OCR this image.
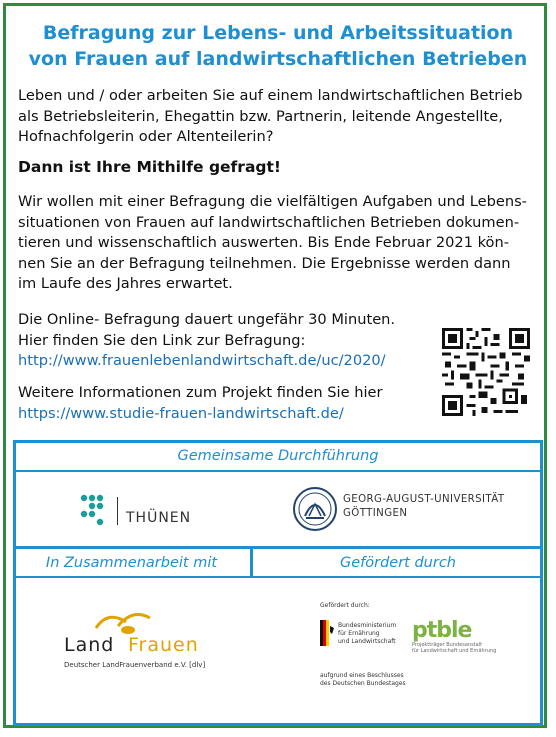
Befragung zur Lebens- und Arbeitssituation
von Frauen auf landwirtschaftlichen Betrieben
Leben und / oder arbeiten Sie auf einem landwirtschaftlichen Betrieb
als Betriebsleiterin, Ehegattin bzw. Partnerin, leitende Angestellte,
Hofnachfolgerin oder Altenteilerin?
Dann ist Ihre Mithilfe gefragt!
Wir wollen mit einer Befragung die vielfältigen Aufgaben und Lebens-
situationen von Frauen auf landwirtschaftlichen Betrieben dokumen-
tieren und wissenschaftlich auswerten. Bis Ende Februar 2021 kön-
nen Sie an der Befragung teilnehmen. Die Ergebnisse werden dann
im Laufe des Jahres erwartet.
Die Online- Befragung dauert ungefähr 30 Minuten.
Hier finden Sie den Link zur Befragung:
http://www.frauenlebenlandwirtschaft.de/uc/2020/
Weitere Informationen zum Projekt finden Sie hier
https://www.studie-frauen-landwirtschaft.de/
Gemeinsame Durchführung
In Zusammenarbeit mit	Gefördert durch
THÜNEN
GEORG-AUGUST-UNIVERSITÄT
GÖTTINGEN
Land Frauen
Deutscher LandFrauenverband e.V. [dlv]
Gefördert durch:
Bundesministerium
für Ernährung
und Landwirtschaft
aufgrund eines Beschlusses
des Deutschen Bundestages
ptble
Projektträger Bundesanstalt
für Landwirtschaft und Ernährung
